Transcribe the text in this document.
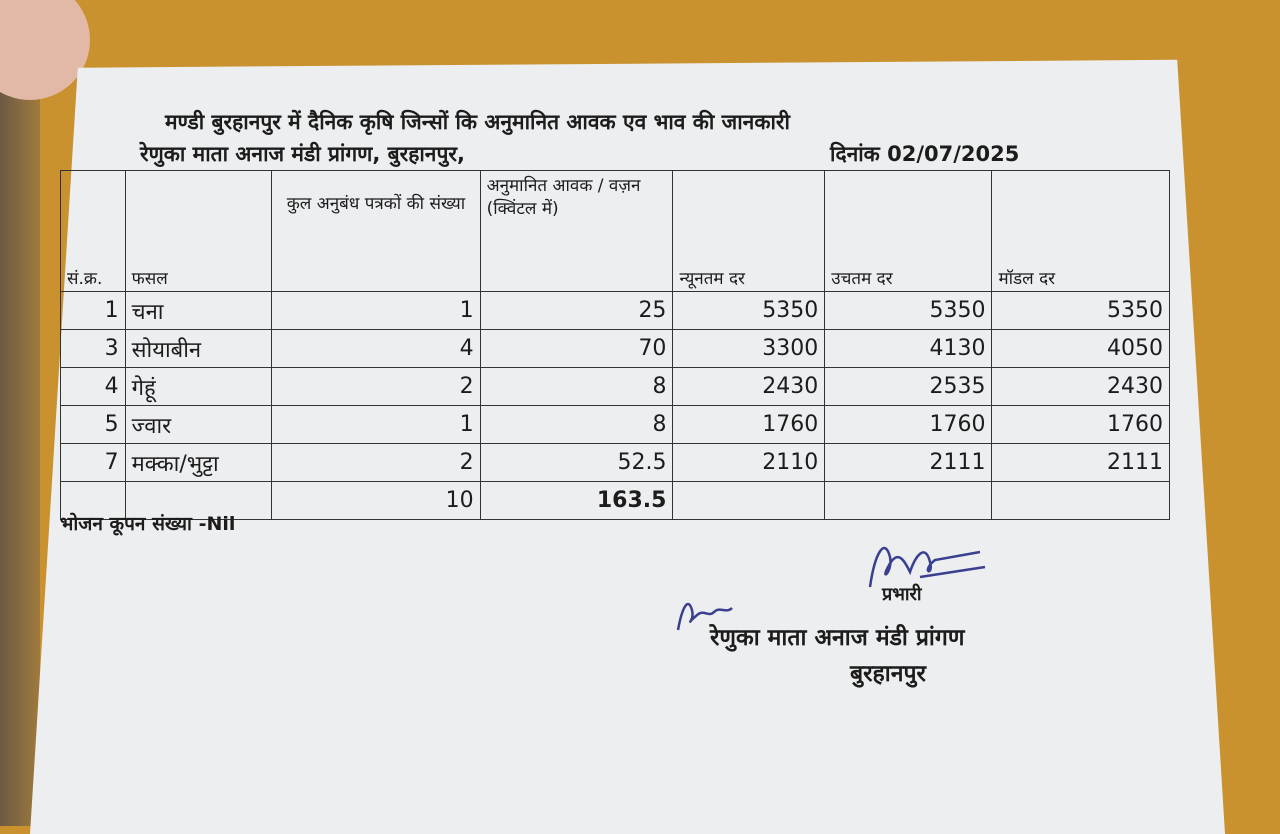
मण्डी बुरहानपुर में दैनिक कृषि जिन्सों कि अनुमानित आवक एव भाव की जानकारी
रेणुका माता अनाज मंडी प्रांगण, बुरहानपुर,	दिनांक 02/07/2025
सं.क्र.	फसल	कुल अनुबंध पत्रकों की संख्या	अनुमानित आवक / वज़न (क्विंटल में)	न्यूनतम दर	उचतम दर	मॉडल दर
1	चना	1	25	5350	5350	5350
3	सोयाबीन	4	70	3300	4130	4050
4	गेहूं	2	8	2430	2535	2430
5	ज्वार	1	8	1760	1760	1760
7	मक्का/भुट्टा	2	52.5	2110	2111	2111
		10	163.5			
भोजन कूपन संख्या -Nil
प्रभारी
रेणुका माता अनाज मंडी प्रांगण
बुरहानपुर
